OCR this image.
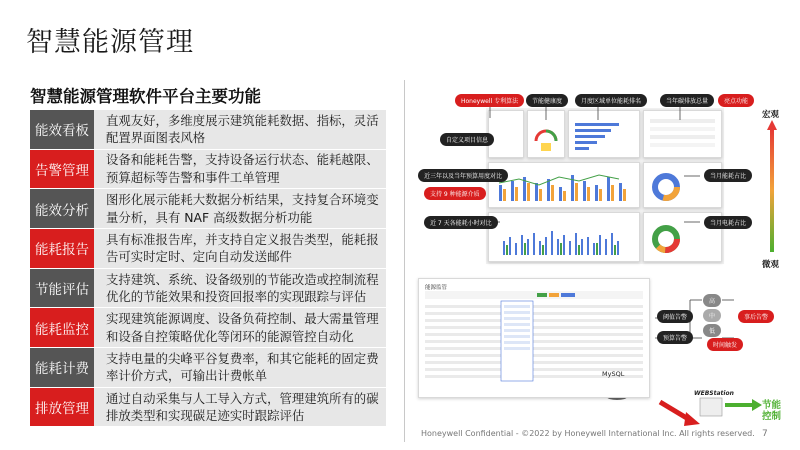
智慧能源管理
智慧能源管理软件平台主要功能
能效看板
直观友好，多维度展示建筑能耗数据、指标，灵活
配置界面图表风格
告警管理
设备和能耗告警，支持设备运行状态、能耗越限、
预算超标等告警和事件工单管理
能效分析
图形化展示能耗大数据分析结果，支持复合环境变
量分析，具有 NAF 高级数据分析功能
能耗报告
具有标准报告库，并支持自定义报告类型，能耗报
告可实时定时、定向自动发送邮件
节能评估
支持建筑、系统、设备级别的节能改造或控制流程
优化的节能效果和投资回报率的实现跟踪与评估
能耗监控
实现建筑能源调度、设备负荷控制、最大需量管理
和设备自控策略优化等闭环的能源管控自动化
能耗计费
支持电量的尖峰平谷复费率，和其它能耗的固定费
率计价方式，可输出计费帐单
排放管理
通过自动采集与人工导入方式，管理建筑所有的碳
排放类型和实现碳足迹实时跟踪评估
Honeywell 专利算法	节能健康度	月度区域单位能耗排名	当年碳排放总量	亮点功能
自定义项目信息
近三年以及当年预算用度对比
支持 9 种能源介质
近 7 天各能耗小时对比
当月能耗占比
当月电耗占比
宏观
微观
能源监管
MySQL
阈值告警
预算告警
事后告警
时间触发
高
中
低
WEBStation
节能
控制
Honeywell Confidential - ©2022 by Honeywell International Inc. All rights reserved. 7
